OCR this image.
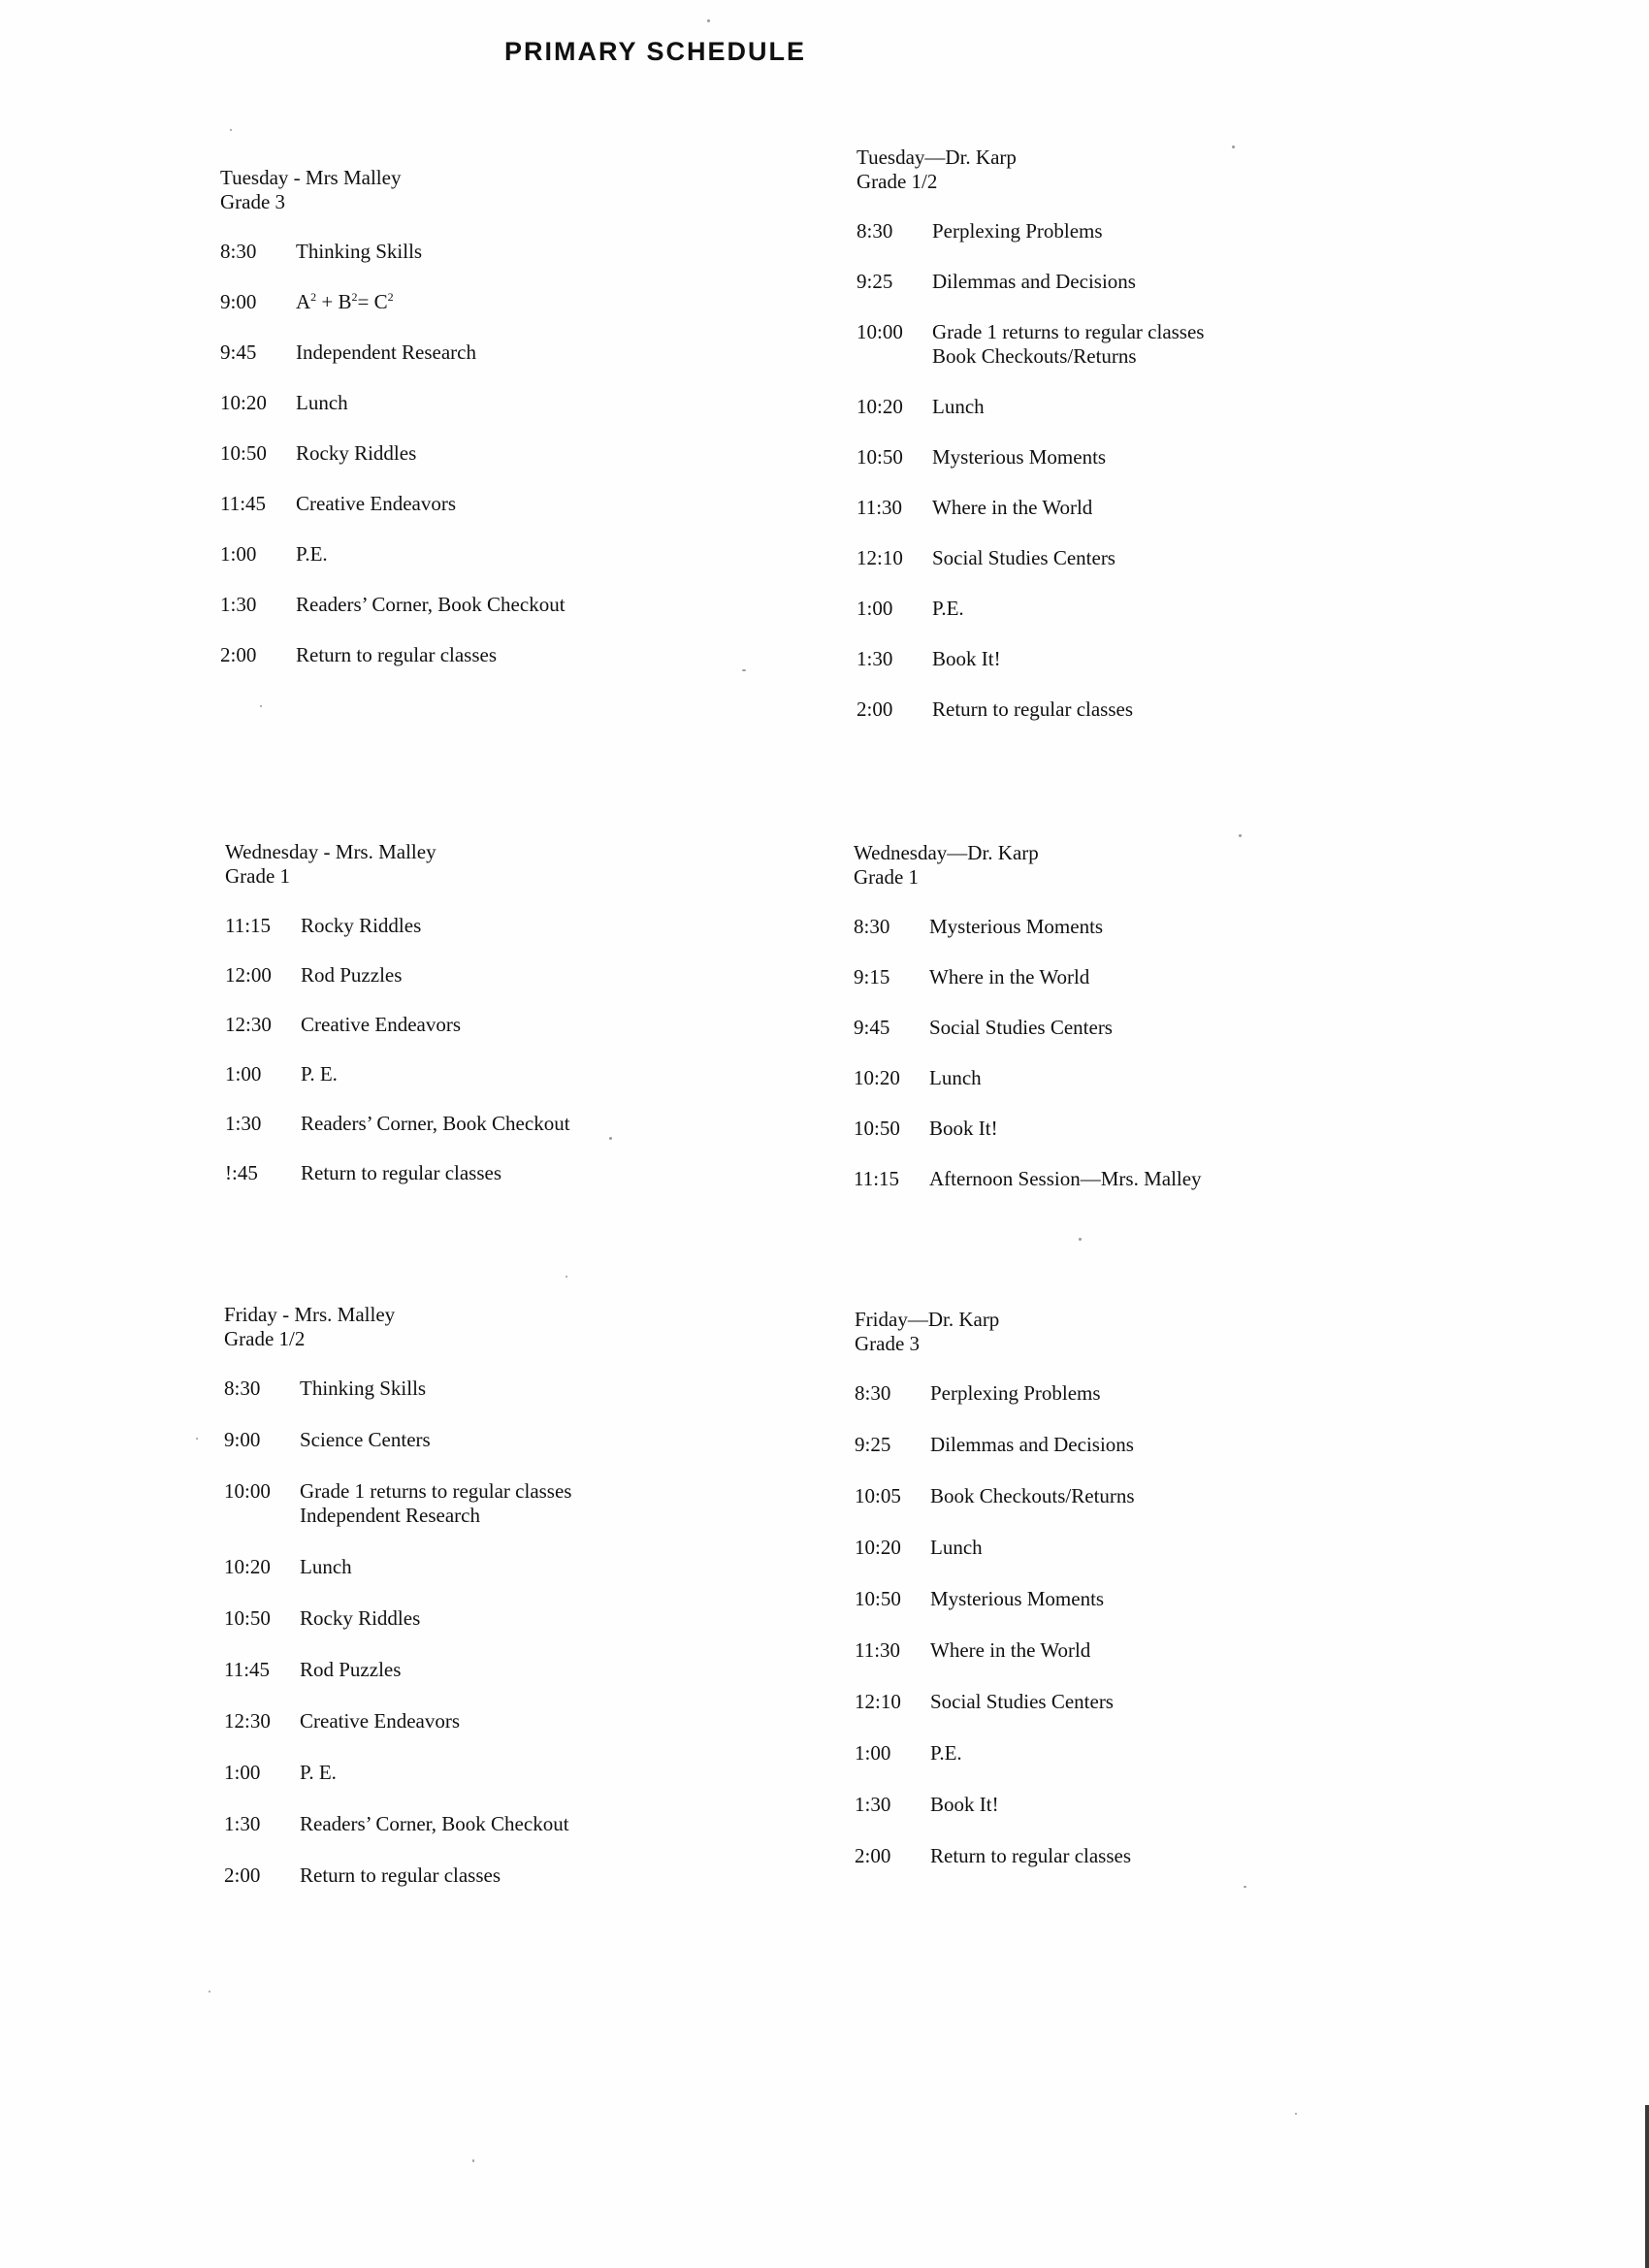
PRIMARY SCHEDULE
Tuesday - Mrs Malley
Grade 3
8:30	Thinking Skills
9:00	$A^2 + B^2= C^2$
9:45	Independent Research
10:20	Lunch
10:50	Rocky Riddles
11:45	Creative Endeavors
1:00	P.E.
1:30	Readers’ Corner, Book Checkout
2:00	Return to regular classes
Tuesday—Dr. Karp
Grade 1/2
8:30	Perplexing Problems
9:25	Dilemmas and Decisions
10:00	Grade 1 returns to regular classes
Book Checkouts/Returns
10:20	Lunch
10:50	Mysterious Moments
11:30	Where in the World
12:10	Social Studies Centers
1:00	P.E.
1:30	Book It!
2:00	Return to regular classes
Wednesday - Mrs. Malley
Grade 1
11:15	Rocky Riddles
12:00	Rod Puzzles
12:30	Creative Endeavors
1:00	P. E.
1:30	Readers’ Corner, Book Checkout
!:45	Return to regular classes
Wednesday—Dr. Karp
Grade 1
8:30	Mysterious Moments
9:15	Where in the World
9:45	Social Studies Centers
10:20	Lunch
10:50	Book It!
11:15	Afternoon Session—Mrs. Malley
Friday - Mrs. Malley
Grade 1/2
8:30	Thinking Skills
9:00	Science Centers
10:00	Grade 1 returns to regular classes
Independent Research
10:20	Lunch
10:50	Rocky Riddles
11:45	Rod Puzzles
12:30	Creative Endeavors
1:00	P. E.
1:30	Readers’ Corner, Book Checkout
2:00	Return to regular classes
Friday—Dr. Karp
Grade 3
8:30	Perplexing Problems
9:25	Dilemmas and Decisions
10:05	Book Checkouts/Returns
10:20	Lunch
10:50	Mysterious Moments
11:30	Where in the World
12:10	Social Studies Centers
1:00	P.E.
1:30	Book It!
2:00	Return to regular classes
